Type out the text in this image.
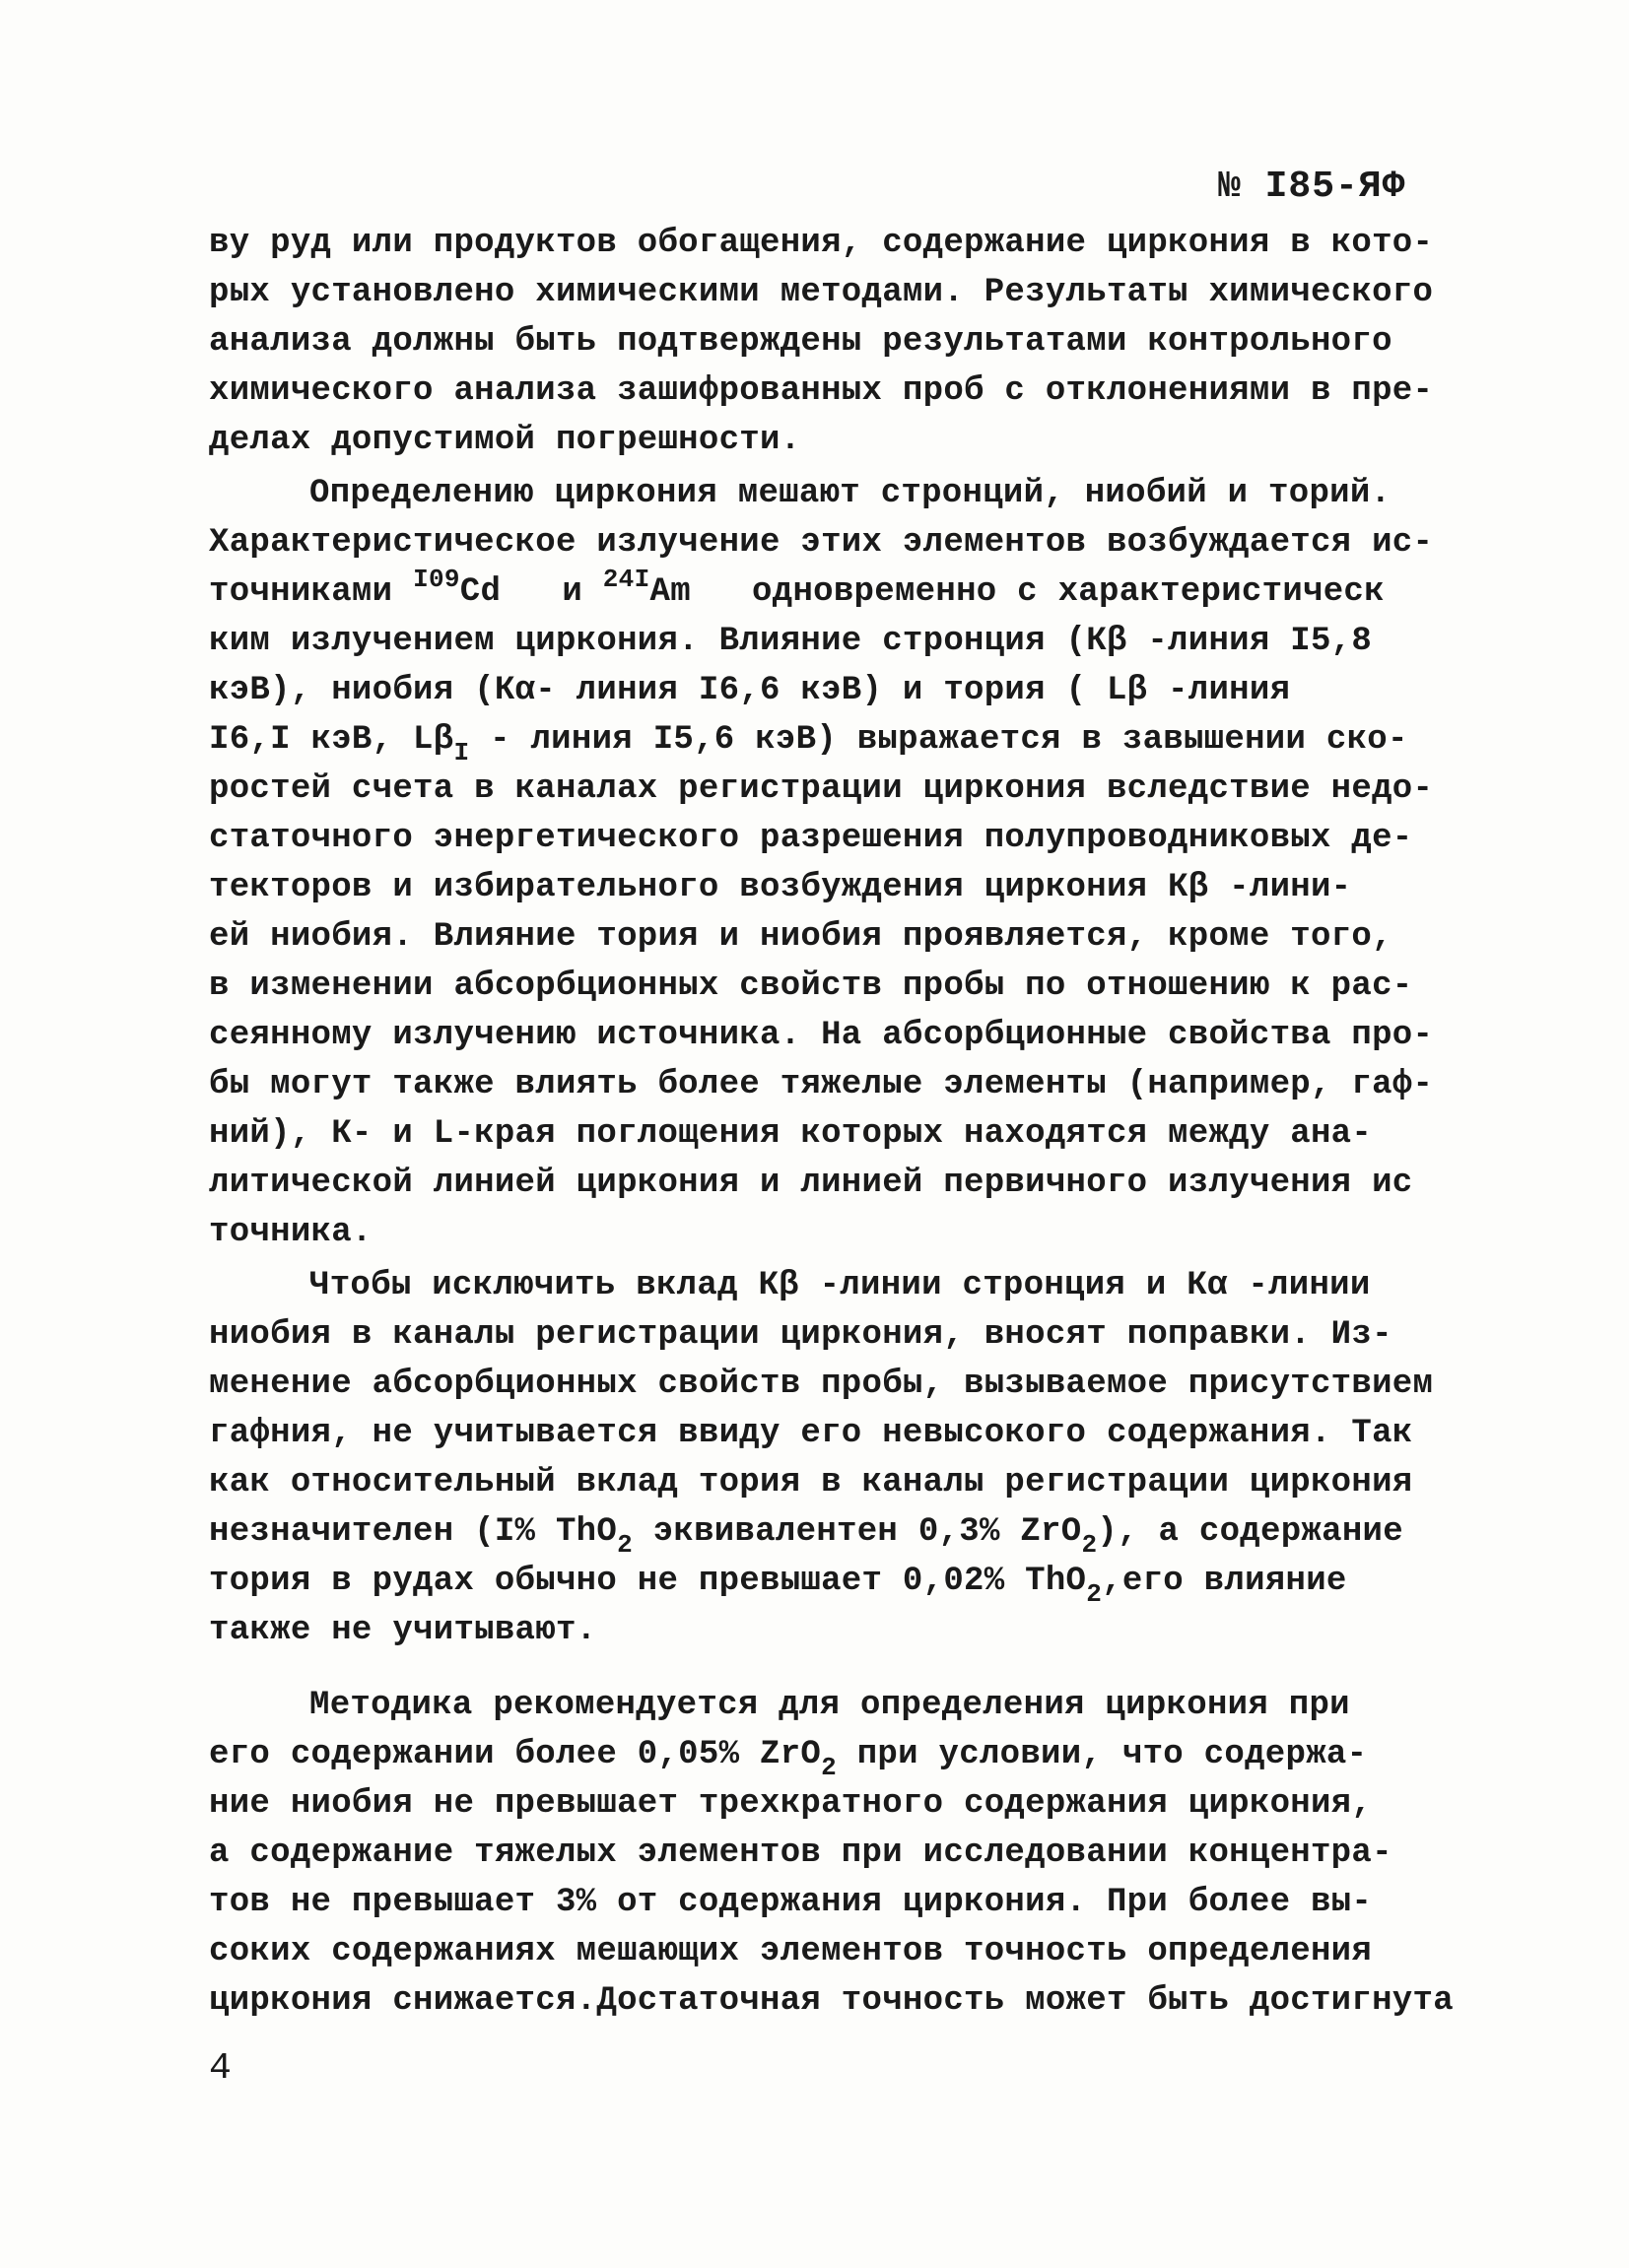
№ I85-ЯФ
ву руд или продуктов обогащения, содержание циркония в кото-
рых установлено химическими методами. Результаты химического
анализа должны быть подтверждены результатами контрольного
химического анализа зашифрованных проб с отклонениями в пре-
делах допустимой погрешности.
Определению циркония мешают стронций, ниобий и торий.
Характеристическое излучение этих элементов возбуждается ис-
точниками $^{I09}$Cd и $^{24I}$Am одновременно с характеристическ
ким излучением циркония. Влияние стронция (Кβ -линия I5,8
кэВ), ниобия (Кα- линия I6,6 кэВ) и тория ( Lβ -линия
I6,I кэВ, $L\beta_I$ - линия I5,6 кэВ) выражается в завышении ско-
ростей счета в каналах регистрации циркония вследствие недо-
статочного энергетического разрешения полупроводниковых де-
текторов и избирательного возбуждения циркония Кβ -лини-
ей ниобия. Влияние тория и ниобия проявляется, кроме того,
в изменении абсорбционных свойств пробы по отношению к рас-
сеянному излучению источника. На абсорбционные свойства про-
бы могут также влиять более тяжелые элементы (например, гаф-
ний), К- и L-края поглощения которых находятся между ана-
литической линией циркония и линией первичного излучения ис
точника.
Чтобы исключить вклад Кβ -линии стронция и Кα -линии
ниобия в каналы регистрации циркония, вносят поправки. Из-
менение абсорбционных свойств пробы, вызываемое присутствием
гафния, не учитывается ввиду его невысокого содержания. Так
как относительный вклад тория в каналы регистрации циркония
незначителен (I% ThO$_2$ эквивалентен 0,3% ZrO$_2$), а содержание
тория в рудах обычно не превышает 0,02% ThO$_2$,его влияние
также не учитывают.
Методика рекомендуется для определения циркония при
его содержании более 0,05% ZrO$_2$ при условии, что содержа-
ние ниобия не превышает трехкратного содержания циркония,
а содержание тяжелых элементов при исследовании концентра-
тов не превышает 3% от содержания циркония. При более вы-
соких содержаниях мешающих элементов точность определения
циркония снижается.Достаточная точность может быть достигнута
4
